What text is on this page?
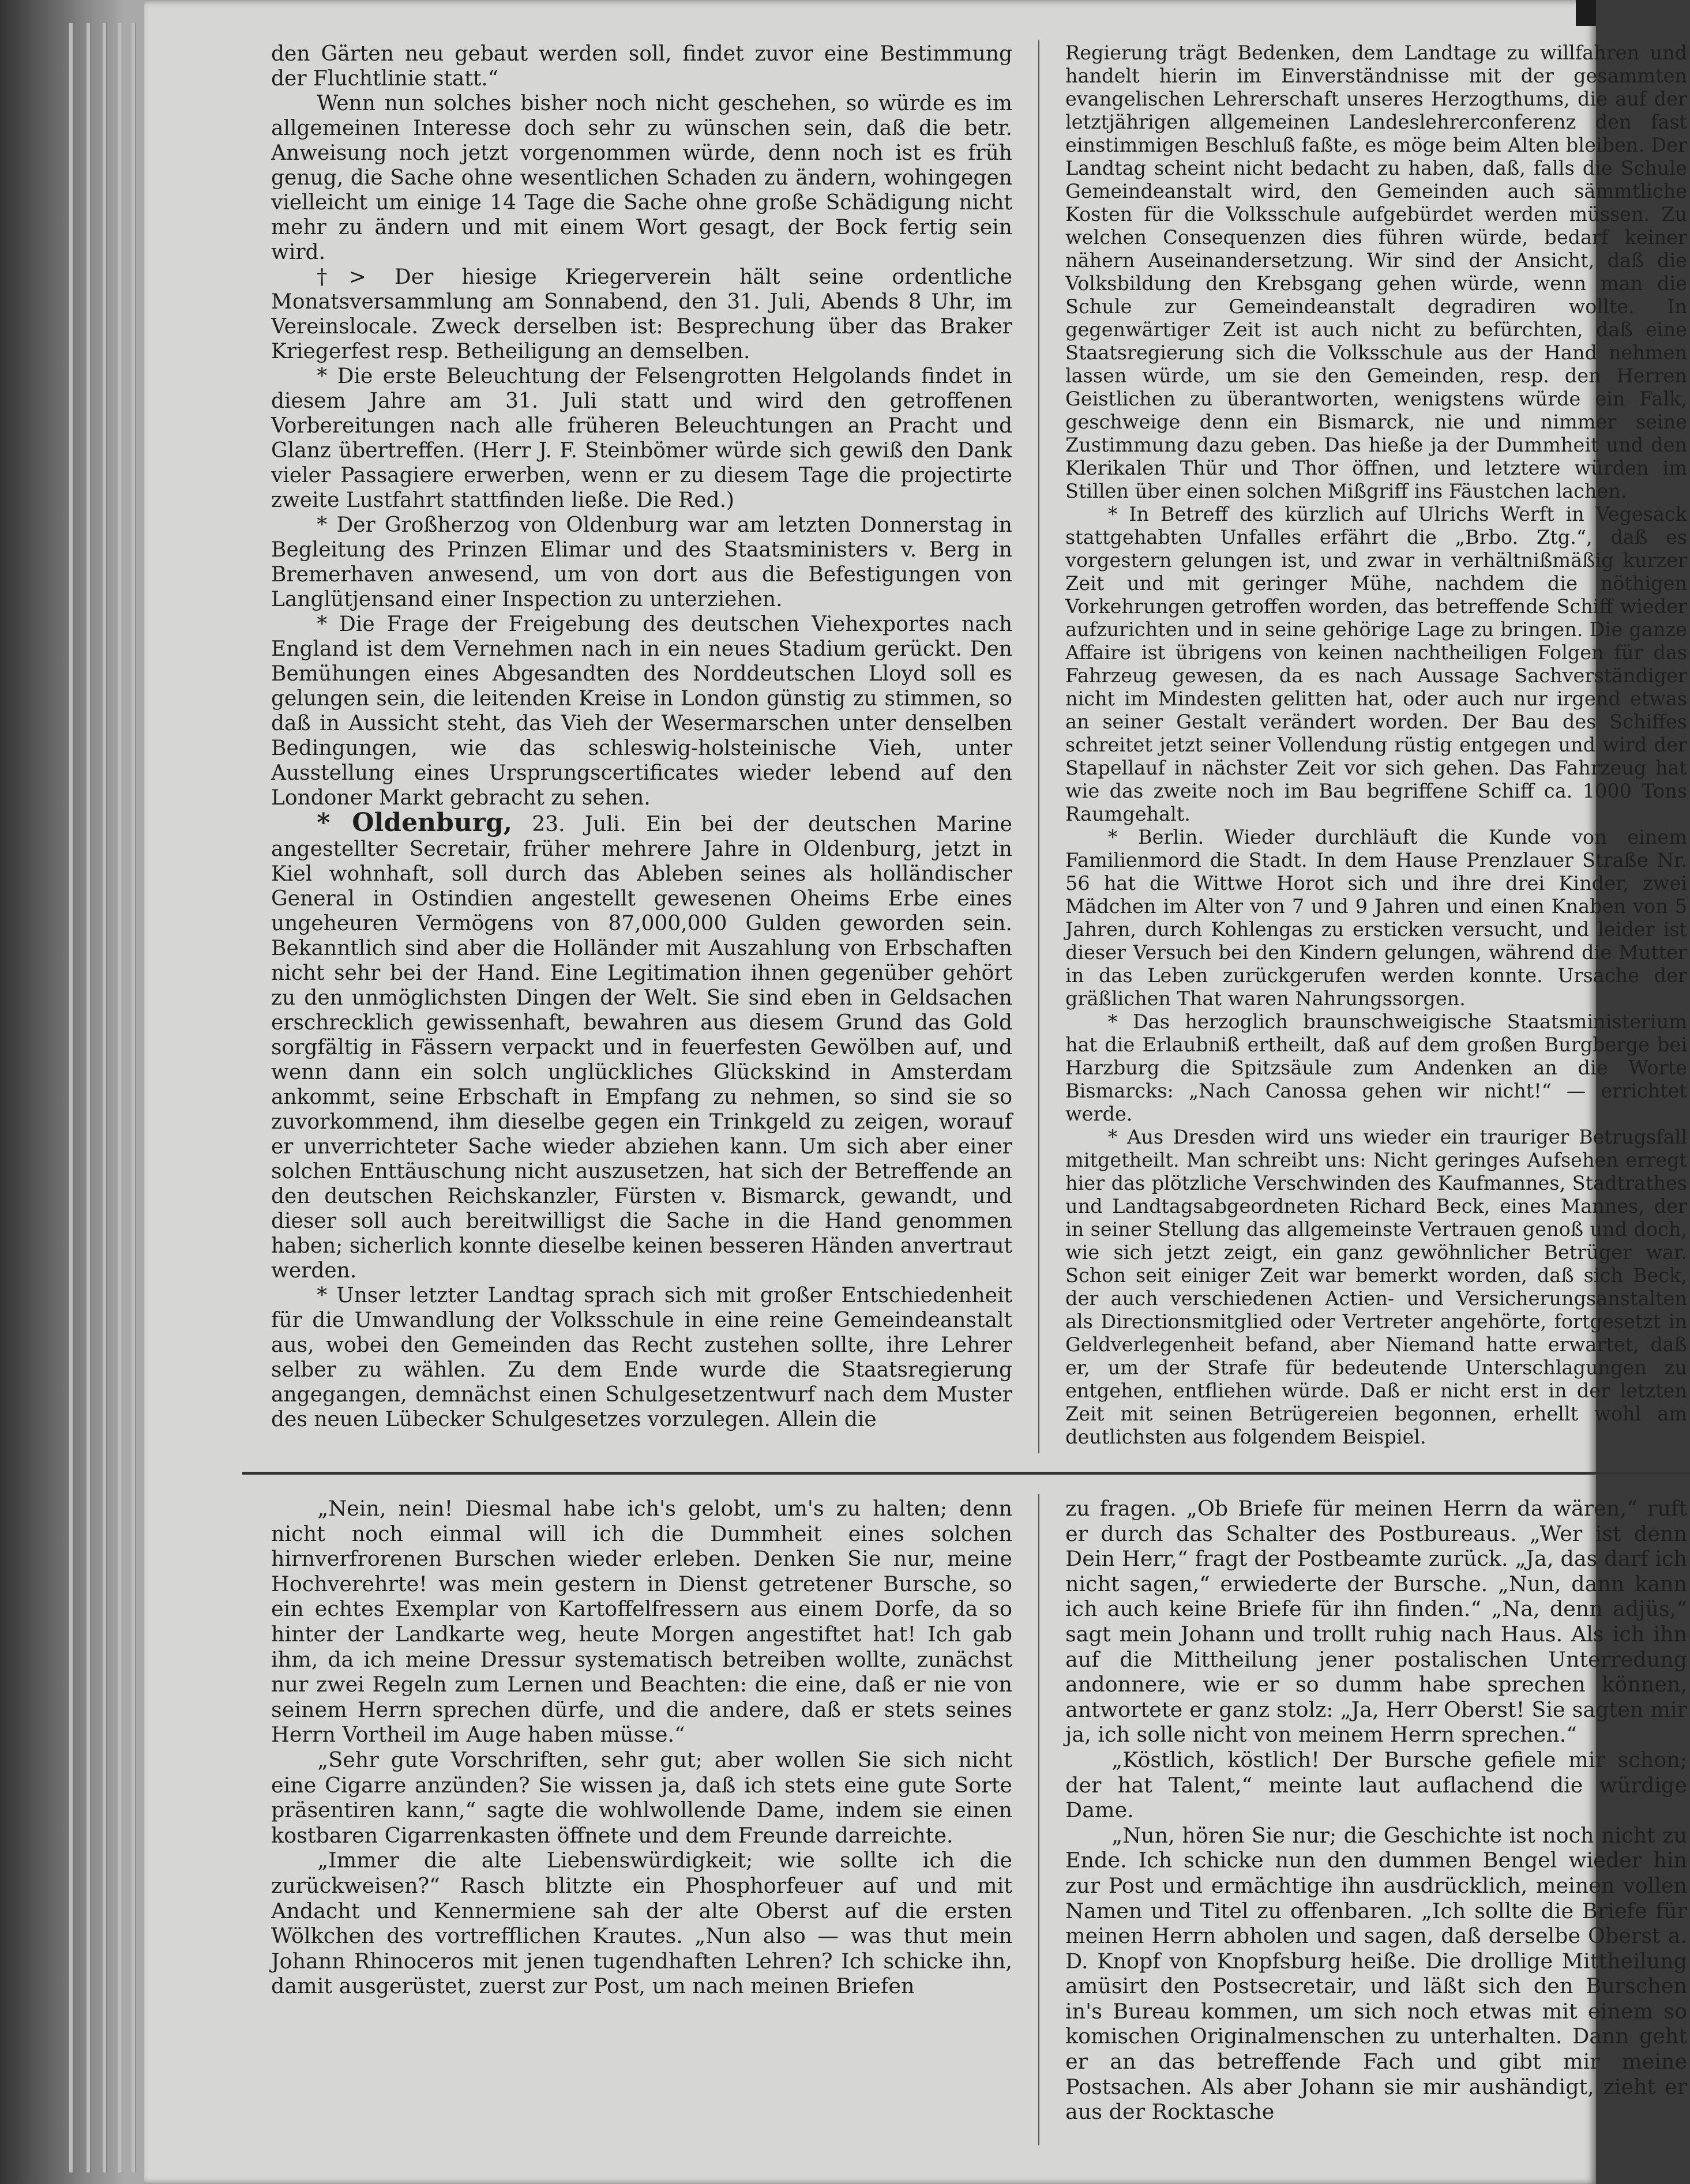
den Gärten neu gebaut werden soll, findet zuvor eine Bestimmung der Fluchtlinie statt.“

Wenn nun solches bisher noch nicht geschehen, so würde es im allgemeinen Interesse doch sehr zu wünschen sein, daß die betr. Anweisung noch jetzt vorgenommen würde, denn noch ist es früh genug, die Sache ohne wesentlichen Schaden zu ändern, wohingegen vielleicht um einige 14 Tage die Sache ohne große Schädigung nicht mehr zu ändern und mit einem Wort gesagt, der Bock fertig sein wird.

†> Der hiesige Kriegerverein hält seine ordentliche Monatsversammlung am Sonnabend, den 31. Juli, Abends 8 Uhr, im Vereinslocale. Zweck derselben ist: Besprechung über das Braker Kriegerfest resp. Betheiligung an demselben.

* Die erste Beleuchtung der Felsengrotten Helgolands findet in diesem Jahre am 31. Juli statt und wird den getroffenen Vorbereitungen nach alle früheren Beleuchtungen an Pracht und Glanz übertreffen. (Herr J. F. Steinbömer würde sich gewiß den Dank vieler Passagiere erwerben, wenn er zu diesem Tage die projectirte zweite Lustfahrt stattfinden ließe. Die Red.)

* Der Großherzog von Oldenburg war am letzten Donnerstag in Begleitung des Prinzen Elimar und des Staatsministers v. Berg in Bremerhaven anwesend, um von dort aus die Befestigungen von Langlütjensand einer Inspection zu unterziehen.

* Die Frage der Freigebung des deutschen Viehexportes nach England ist dem Vernehmen nach in ein neues Stadium gerückt. Den Bemühungen eines Abgesandten des Norddeutschen Lloyd soll es gelungen sein, die leitenden Kreise in London günstig zu stimmen, so daß in Aussicht steht, das Vieh der Wesermarschen unter denselben Bedingungen, wie das schleswig-holsteinische Vieh, unter Ausstellung eines Ursprungscertificates wieder lebend auf den Londoner Markt gebracht zu sehen.

* Oldenburg, 23. Juli. Ein bei der deutschen Marine angestellter Secretair, früher mehrere Jahre in Oldenburg, jetzt in Kiel wohnhaft, soll durch das Ableben seines als holländischer General in Ostindien angestellt gewesenen Oheims Erbe eines ungeheuren Vermögens von 87,000,000 Gulden geworden sein. Bekanntlich sind aber die Holländer mit Auszahlung von Erbschaften nicht sehr bei der Hand. Eine Legitimation ihnen gegenüber gehört zu den unmöglichsten Dingen der Welt. Sie sind eben in Geldsachen erschrecklich gewissenhaft, bewahren aus diesem Grund das Gold sorgfältig in Fässern verpackt und in feuerfesten Gewölben auf, und wenn dann ein solch unglückliches Glückskind in Amsterdam ankommt, seine Erbschaft in Empfang zu nehmen, so sind sie so zuvorkommend, ihm dieselbe gegen ein Trinkgeld zu zeigen, worauf er unverrichteter Sache wieder abziehen kann. Um sich aber einer solchen Enttäuschung nicht auszusetzen, hat sich der Betreffende an den deutschen Reichskanzler, Fürsten v. Bismarck, gewandt, und dieser soll auch bereitwilligst die Sache in die Hand genommen haben; sicherlich konnte dieselbe keinen besseren Händen anvertraut werden.

* Unser letzter Landtag sprach sich mit großer Entschiedenheit für die Umwandlung der Volksschule in eine reine Gemeindeanstalt aus, wobei den Gemeinden das Recht zustehen sollte, ihre Lehrer selber zu wählen. Zu dem Ende wurde die Staatsregierung angegangen, demnächst einen Schulgesetzentwurf nach dem Muster des neuen Lübecker Schulgesetzes vorzulegen. Allein die

Regierung trägt Bedenken, dem Landtage zu willfahren und handelt hierin im Einverständnisse mit der gesammten evangelischen Lehrerschaft unseres Herzogthums, die auf der letztjährigen allgemeinen Landeslehrerconferenz den fast einstimmigen Beschluß faßte, es möge beim Alten bleiben. Der Landtag scheint nicht bedacht zu haben, daß, falls die Schule Gemeindeanstalt wird, den Gemeinden auch sämmtliche Kosten für die Volksschule aufgebürdet werden müssen. Zu welchen Consequenzen dies führen würde, bedarf keiner nähern Auseinandersetzung. Wir sind der Ansicht, daß die Volksbildung den Krebsgang gehen würde, wenn man die Schule zur Gemeindeanstalt degradiren wollte. In gegenwärtiger Zeit ist auch nicht zu befürchten, daß eine Staatsregierung sich die Volksschule aus der Hand nehmen lassen würde, um sie den Gemeinden, resp. den Herren Geistlichen zu überantworten, wenigstens würde ein Falk, geschweige denn ein Bismarck, nie und nimmer seine Zustimmung dazu geben. Das hieße ja der Dummheit und den Klerikalen Thür und Thor öffnen, und letztere würden im Stillen über einen solchen Mißgriff ins Fäustchen lachen.

* In Betreff des kürzlich auf Ulrichs Werft in Vegesack stattgehabten Unfalles erfährt die „Brbo. Ztg.“, daß es vorgestern gelungen ist, und zwar in verhältnißmäßig kurzer Zeit und mit geringer Mühe, nachdem die nöthigen Vorkehrungen getroffen worden, das betreffende Schiff wieder aufzurichten und in seine gehörige Lage zu bringen. Die ganze Affaire ist übrigens von keinen nachtheiligen Folgen für das Fahrzeug gewesen, da es nach Aussage Sachverständiger nicht im Mindesten gelitten hat, oder auch nur irgend etwas an seiner Gestalt verändert worden. Der Bau des Schiffes schreitet jetzt seiner Vollendung rüstig entgegen und wird der Stapellauf in nächster Zeit vor sich gehen. Das Fahrzeug hat wie das zweite noch im Bau begriffene Schiff ca. 1000 Tons Raumgehalt.

* Berlin. Wieder durchläuft die Kunde von einem Familienmord die Stadt. In dem Hause Prenzlauer Straße Nr. 56 hat die Wittwe Horot sich und ihre drei Kinder, zwei Mädchen im Alter von 7 und 9 Jahren und einen Knaben von 5 Jahren, durch Kohlengas zu ersticken versucht, und leider ist dieser Versuch bei den Kindern gelungen, während die Mutter in das Leben zurückgerufen werden konnte. Ursache der gräßlichen That waren Nahrungssorgen.

* Das herzoglich braunschweigische Staatsministerium hat die Erlaubniß ertheilt, daß auf dem großen Burgberge bei Harzburg die Spitzsäule zum Andenken an die Worte Bismarcks: „Nach Canossa gehen wir nicht!“ — errichtet werde.

* Aus Dresden wird uns wieder ein trauriger Betrugsfall mitgetheilt. Man schreibt uns: Nicht geringes Aufsehen erregt hier das plötzliche Verschwinden des Kaufmannes, Stadtrathes und Landtagsabgeordneten Richard Beck, eines Mannes, der in seiner Stellung das allgemeinste Vertrauen genoß und doch, wie sich jetzt zeigt, ein ganz gewöhnlicher Betrüger war. Schon seit einiger Zeit war bemerkt worden, daß sich Beck, der auch verschiedenen Actien- und Versicherungsanstalten als Directionsmitglied oder Vertreter angehörte, fortgesetzt in Geldverlegenheit befand, aber Niemand hatte erwartet, daß er, um der Strafe für bedeutende Unterschlagungen zu entgehen, entfliehen würde. Daß er nicht erst in der letzten Zeit mit seinen Betrügereien begonnen, erhellt wohl am deutlichsten aus folgendem Beispiel.

„Nein, nein! Diesmal habe ich's gelobt, um's zu halten; denn nicht noch einmal will ich die Dummheit eines solchen hirnverfrorenen Burschen wieder erleben. Denken Sie nur, meine Hochverehrte! was mein gestern in Dienst getretener Bursche, so ein echtes Exemplar von Kartoffelfressern aus einem Dorfe, da so hinter der Landkarte weg, heute Morgen angestiftet hat! Ich gab ihm, da ich meine Dressur systematisch betreiben wollte, zunächst nur zwei Regeln zum Lernen und Beachten: die eine, daß er nie von seinem Herrn sprechen dürfe, und die andere, daß er stets seines Herrn Vortheil im Auge haben müsse.“

„Sehr gute Vorschriften, sehr gut; aber wollen Sie sich nicht eine Cigarre anzünden? Sie wissen ja, daß ich stets eine gute Sorte präsentiren kann,“ sagte die wohlwollende Dame, indem sie einen kostbaren Cigarrenkasten öffnete und dem Freunde darreichte.

„Immer die alte Liebenswürdigkeit; wie sollte ich die zurückweisen?“ Rasch blitzte ein Phosphorfeuer auf und mit Andacht und Kennermiene sah der alte Oberst auf die ersten Wölkchen des vortrefflichen Krautes. „Nun also — was thut mein Johann Rhinoceros mit jenen tugendhaften Lehren? Ich schicke ihn, damit ausgerüstet, zuerst zur Post, um nach meinen Briefen

zu fragen. „Ob Briefe für meinen Herrn da wären,“ ruft er durch das Schalter des Postbureaus. „Wer ist denn Dein Herr,“ fragt der Postbeamte zurück. „Ja, das darf ich nicht sagen,“ erwiederte der Bursche. „Nun, dann kann ich auch keine Briefe für ihn finden.“ „Na, denn adjüs,“ sagt mein Johann und trollt ruhig nach Haus. Als ich ihn auf die Mittheilung jener postalischen Unterredung andonnere, wie er so dumm habe sprechen können, antwortete er ganz stolz: „Ja, Herr Oberst! Sie sagten mir ja, ich solle nicht von meinem Herrn sprechen.“

„Köstlich, köstlich! Der Bursche gefiele mir schon; der hat Talent,“ meinte laut auflachend die würdige Dame.

„Nun, hören Sie nur; die Geschichte ist noch nicht zu Ende. Ich schicke nun den dummen Bengel wieder hin zur Post und ermächtige ihn ausdrücklich, meinen vollen Namen und Titel zu offenbaren. „Ich sollte die Briefe für meinen Herrn abholen und sagen, daß derselbe Oberst a. D. Knopf von Knopfsburg heiße. Die drollige Mittheilung amüsirt den Postsecretair, und läßt sich den Burschen in's Bureau kommen, um sich noch etwas mit einem so komischen Originalmenschen zu unterhalten. Dann geht er an das betreffende Fach und gibt mir meine Postsachen. Als aber Johann sie mir aushändigt, zieht er aus der Rocktasche
